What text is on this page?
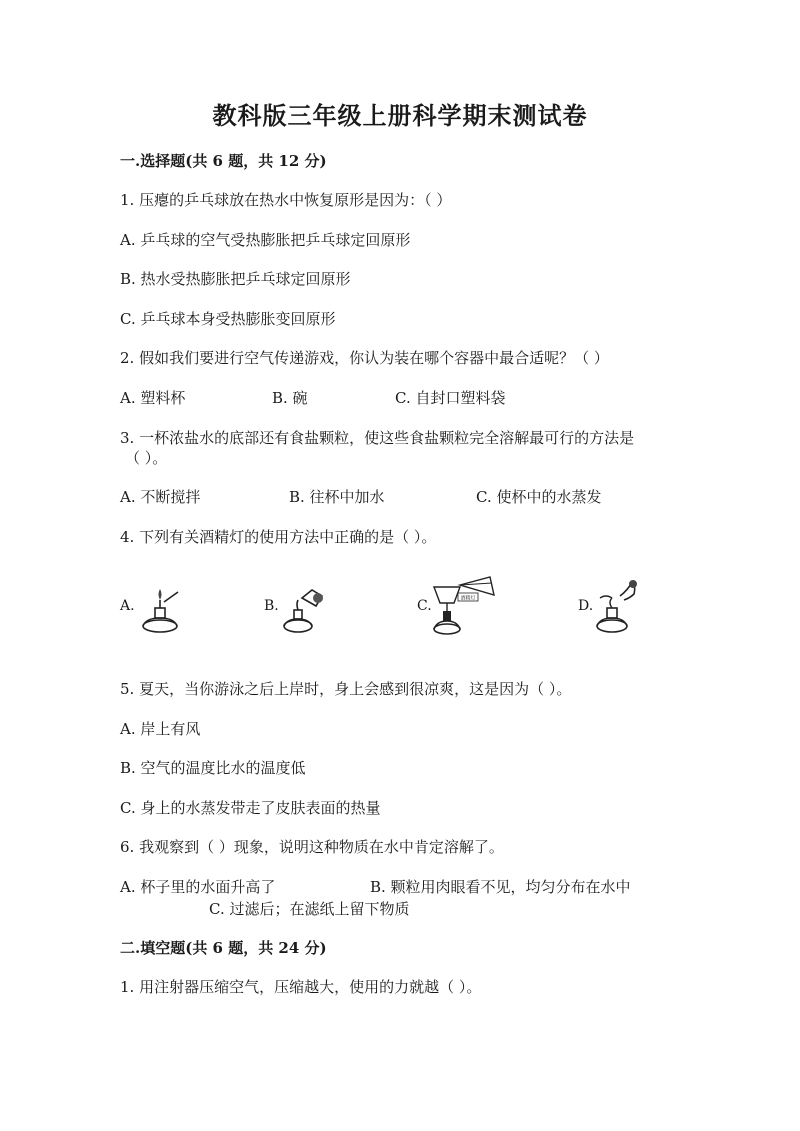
教科版三年级上册科学期末测试卷
一.选择题(共 6 题，共 12 分)
1. 压瘪的乒乓球放在热水中恢复原形是因为：（ ）
A. 乒乓球的空气受热膨胀把乒乓球定回原形
B. 热水受热膨胀把乒乓球定回原形
C. 乒乓球本身受热膨胀变回原形
2. 假如我们要进行空气传递游戏，你认为装在哪个容器中最合适呢？（ ）
A. 塑料杯	B. 碗	C. 自封口塑料袋
3. 一杯浓盐水的底部还有食盐颗粒，使这些食盐颗粒完全溶解最可行的方法是
（ ）。
A. 不断搅拌	B. 往杯中加水	C. 使杯中的水蒸发
4. 下列有关酒精灯的使用方法中正确的是（ ）。
A.	B.	C.	酒精灯	D.
5. 夏天，当你游泳之后上岸时，身上会感到很凉爽，这是因为（ ）。
A. 岸上有风
B. 空气的温度比水的温度低
C. 身上的水蒸发带走了皮肤表面的热量
6. 我观察到（ ）现象，说明这种物质在水中肯定溶解了。
A. 杯子里的水面升高了	B. 颗粒用肉眼看不见，均匀分布在水中
C. 过滤后；在滤纸上留下物质
二.填空题(共 6 题，共 24 分)
1. 用注射器压缩空气，压缩越大，使用的力就越（ ）。
